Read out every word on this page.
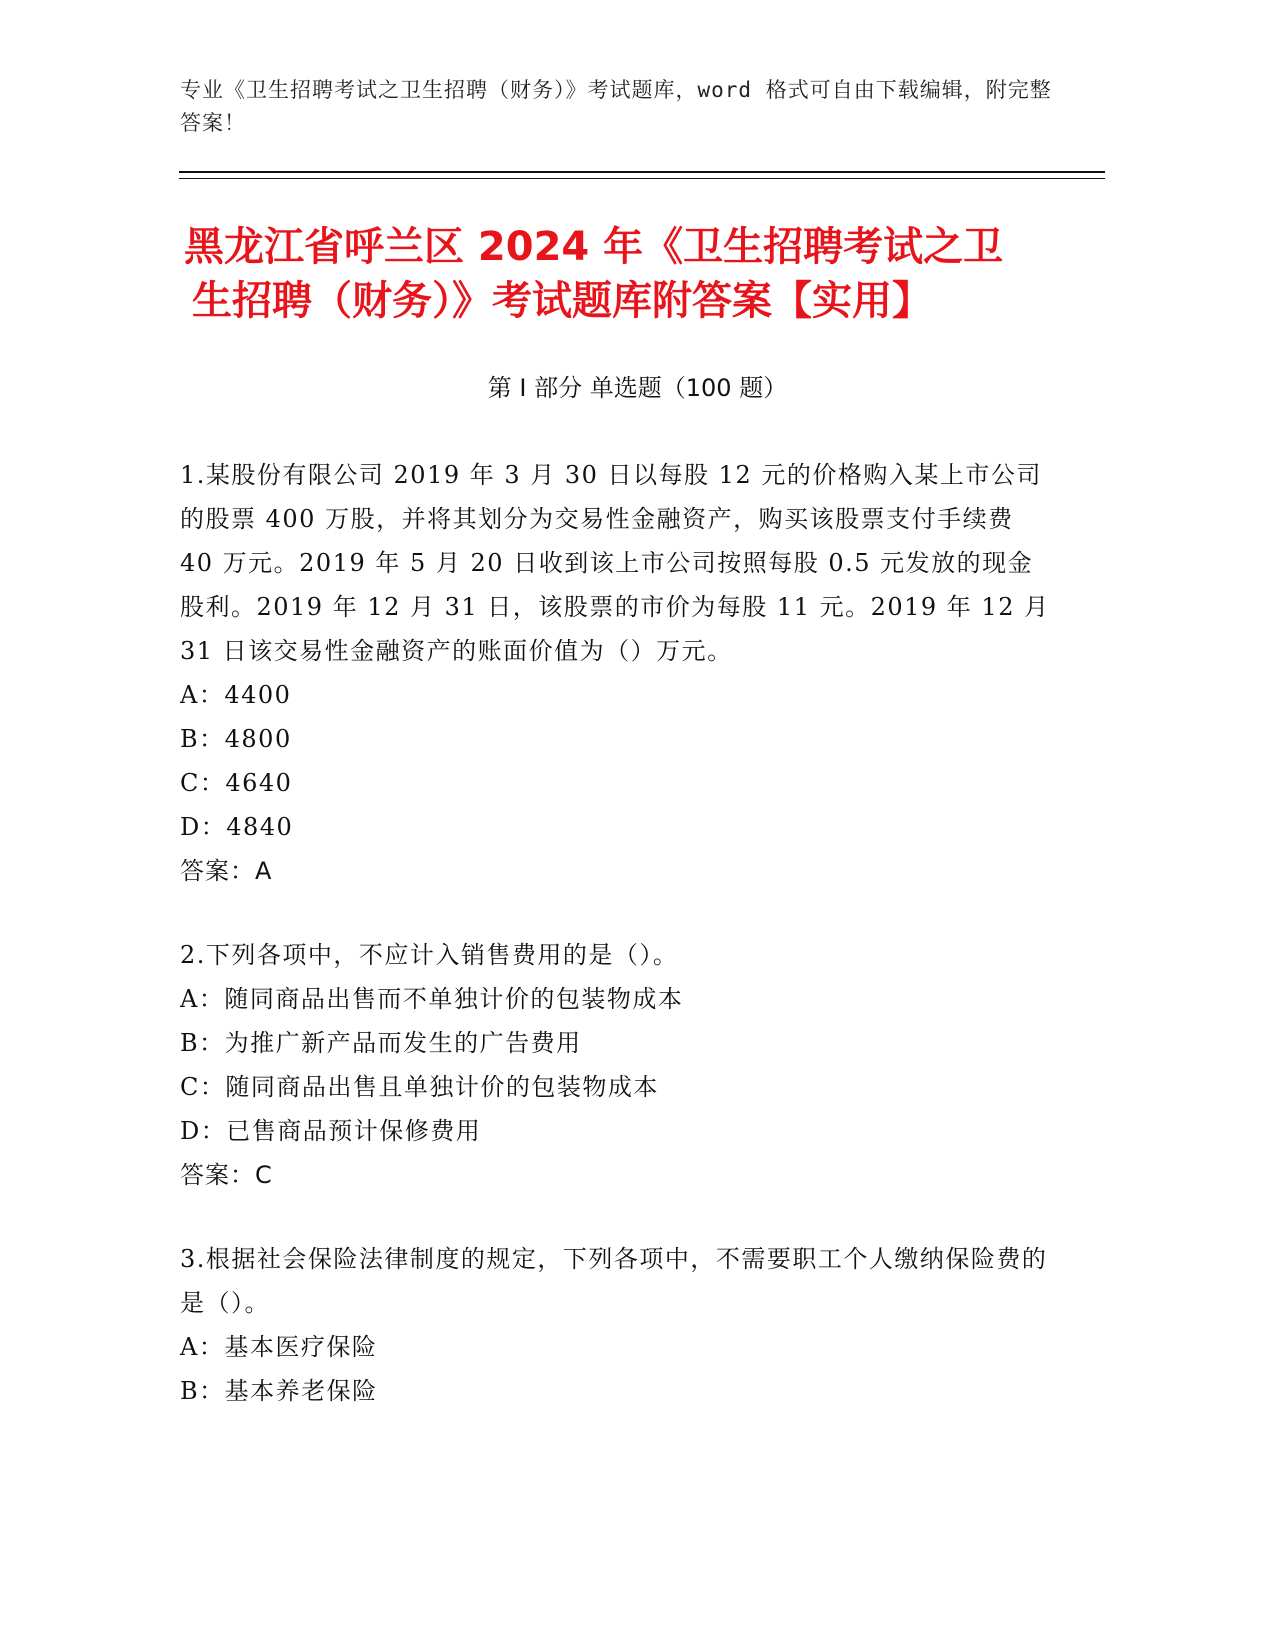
专业《卫生招聘考试之卫生招聘（财务）》考试题库，word 格式可自由下载编辑，附完整答案！
黑龙江省呼兰区 2024 年《卫生招聘考试之卫
生招聘（财务）》考试题库附答案【实用】
第 I 部分 单选题（100 题）
1.某股份有限公司 2019 年 3 月 30 日以每股 12 元的价格购入某上市公司的股票 400 万股，并将其划分为交易性金融资产，购买该股票支付手续费 40 万元。2019 年 5 月 20 日收到该上市公司按照每股 0.5 元发放的现金股利。2019 年 12 月 31 日，该股票的市价为每股 11 元。2019 年 12 月 31 日该交易性金融资产的账面价值为（）万元。
A：4400
B：4800
C：4640
D：4840
答案：A
2.下列各项中，不应计入销售费用的是（）。
A：随同商品出售而不单独计价的包装物成本
B：为推广新产品而发生的广告费用
C：随同商品出售且单独计价的包装物成本
D：已售商品预计保修费用
答案：C
3.根据社会保险法律制度的规定，下列各项中，不需要职工个人缴纳保险费的是（）。
A：基本医疗保险
B：基本养老保险
